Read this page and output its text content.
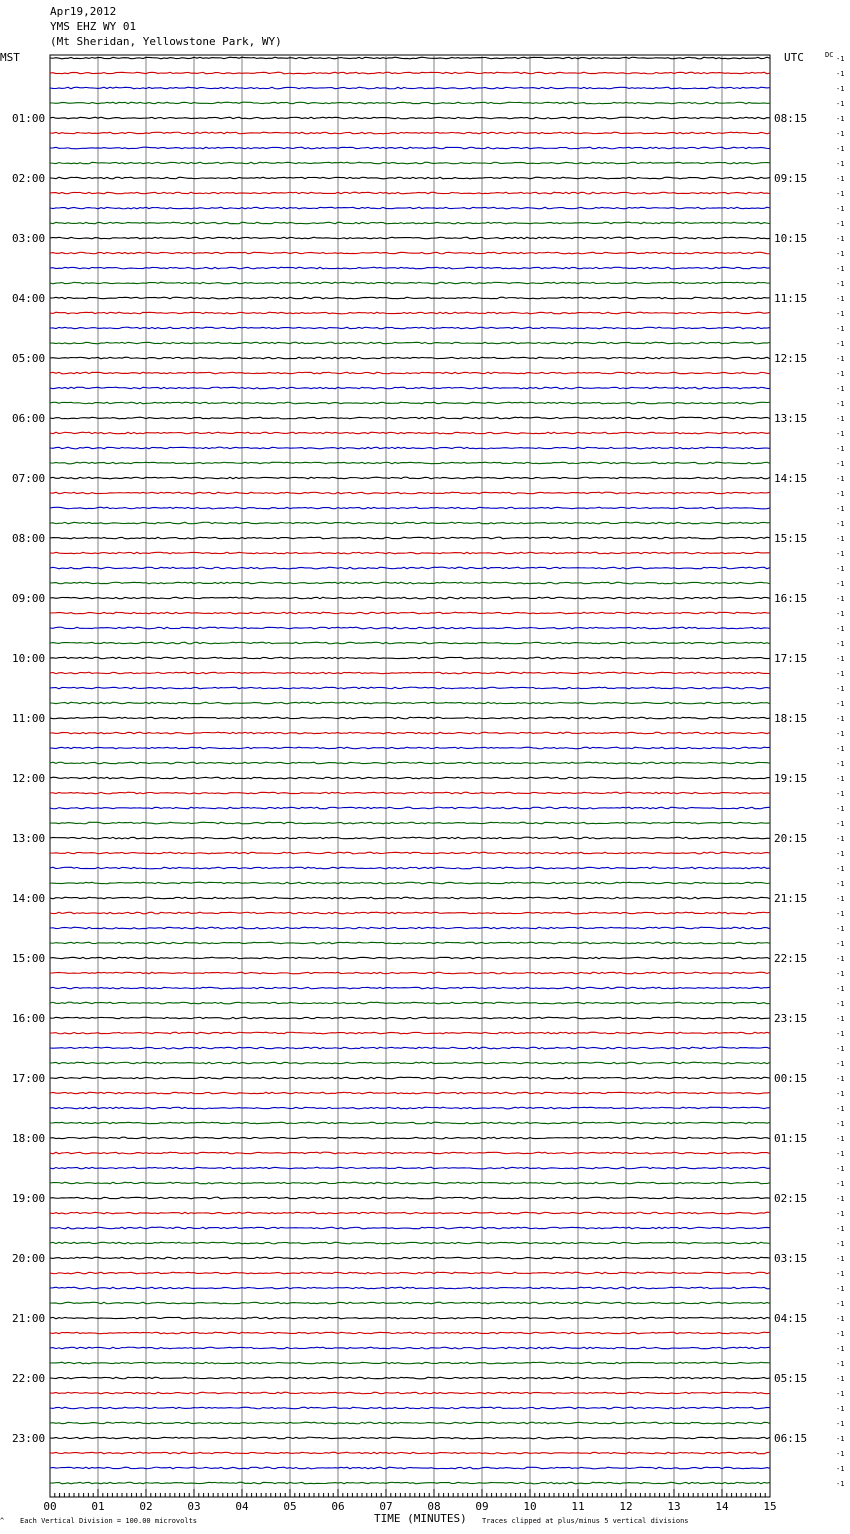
Apr19,2012
YMS EHZ WY 01
(Mt Sheridan, Yellowstone Park, WY)
MST	UTC	DC
01:00
02:00
03:00
04:00
05:00
06:00
07:00
08:00
09:00
10:00
11:00
12:00
13:00
14:00
15:00
16:00
17:00
18:00
19:00
20:00
21:00
22:00
23:00
08:15
09:15
10:15
11:15
12:15
13:15
14:15
15:15
16:15
17:15
18:15
19:15
20:15
21:15
22:15
23:15
00:15
01:15
02:15
03:15
04:15
05:15
06:15
-1
-1
-1
-1
-1
-1
-1
-1
-1
-1
-1
-1
-1
-1
-1
-1
-1
-1
-1
-1
-1
-1
-1
-1
-1
-1
-1
-1
-1
-1
-1
-1
-1
-1
-1
-1
-1
-1
-1
-1
-1
-1
-1
-1
-1
-1
-1
-1
-1
-1
-1
-1
-1
-1
-1
-1
-1
-1
-1
-1
-1
-1
-1
-1
-1
-1
-1
-1
-1
-1
-1
-1
-1
-1
-1
-1
-1
-1
-1
-1
-1
-1
-1
-1
-1
-1
-1
-1
-1
-1
-1
-1
-1
-1
-1
-1
00	01	02	03	04	05	06	07	08	09	10	11	12	13	14	15
^ Each Vertical Division = 100.00 microvolts	TIME (MINUTES) Traces clipped at plus/minus 5 vertical divisions
